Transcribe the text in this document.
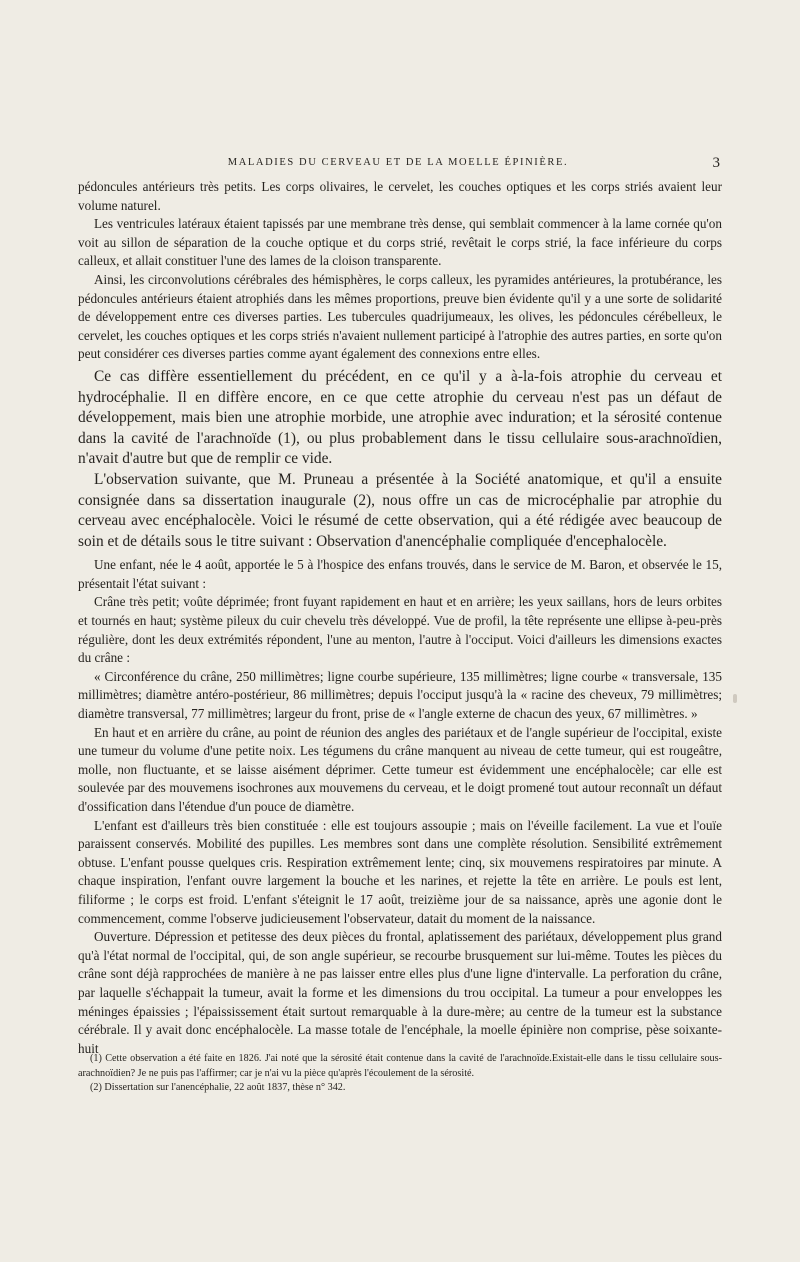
MALADIES DU CERVEAU ET DE LA MOELLE ÉPINIÈRE.	3

pédoncules antérieurs très petits. Les corps olivaires, le cervelet, les couches optiques et les corps striés avaient leur volume naturel.

Les ventricules latéraux étaient tapissés par une membrane très dense, qui semblait commencer à la lame cornée qu'on voit au sillon de séparation de la couche optique et du corps strié, revêtait le corps strié, la face inférieure du corps calleux, et allait constituer l'une des lames de la cloison transparente.

Ainsi, les circonvolutions cérébrales des hémisphères, le corps calleux, les pyramides antérieures, la protubérance, les pédoncules antérieurs étaient atrophiés dans les mêmes proportions, preuve bien évidente qu'il y a une sorte de solidarité de développement entre ces diverses parties. Les tubercules quadrijumeaux, les olives, les pédoncules cérébelleux, le cervelet, les couches optiques et les corps striés n'avaient nullement participé à l'atrophie des autres parties, en sorte qu'on peut considérer ces diverses parties comme ayant également des connexions entre elles.

Ce cas diffère essentiellement du précédent, en ce qu'il y a à-la-fois atrophie du cerveau et hydrocéphalie. Il en diffère encore, en ce que cette atrophie du cerveau n'est pas un défaut de développement, mais bien une atrophie morbide, une atrophie avec induration; et la sérosité contenue dans la cavité de l'arachnoïde (1), ou plus probablement dans le tissu cellulaire sous-arachnoïdien, n'avait d'autre but que de remplir ce vide.

L'observation suivante, que M. Pruneau a présentée à la Société anatomique, et qu'il a ensuite consignée dans sa dissertation inaugurale (2), nous offre un cas de microcéphalie par atrophie du cerveau avec encéphalocèle. Voici le résumé de cette observation, qui a été rédigée avec beaucoup de soin et de détails sous le titre suivant : Observation d'anencéphalie compliquée d'encephalocèle.

Une enfant, née le 4 août, apportée le 5 à l'hospice des enfans trouvés, dans le service de M. Baron, et observée le 15, présentait l'état suivant :

Crâne très petit; voûte déprimée; front fuyant rapidement en haut et en arrière; les yeux saillans, hors de leurs orbites et tournés en haut; système pileux du cuir chevelu très développé. Vue de profil, la tête représente une ellipse à-peu-près régulière, dont les deux extrémités répondent, l'une au menton, l'autre à l'occiput. Voici d'ailleurs les dimensions exactes du crâne :

« Circonférence du crâne, 250 millimètres; ligne courbe supérieure, 135 millimètres; ligne courbe « transversale, 135 millimètres; diamètre antéro-postérieur, 86 millimètres; depuis l'occiput jusqu'à la « racine des cheveux, 79 millimètres; diamètre transversal, 77 millimètres; largeur du front, prise de « l'angle externe de chacun des yeux, 67 millimètres. »

En haut et en arrière du crâne, au point de réunion des angles des pariétaux et de l'angle supérieur de l'occipital, existe une tumeur du volume d'une petite noix. Les tégumens du crâne manquent au niveau de cette tumeur, qui est rougeâtre, molle, non fluctuante, et se laisse aisément déprimer. Cette tumeur est évidemment une encéphalocèle; car elle est soulevée par des mouvemens isochrones aux mouvemens du cerveau, et le doigt promené tout autour reconnaît un défaut d'ossification dans l'étendue d'un pouce de diamètre.

L'enfant est d'ailleurs très bien constituée : elle est toujours assoupie ; mais on l'éveille facilement. La vue et l'ouïe paraissent conservés. Mobilité des pupilles. Les membres sont dans une complète résolution. Sensibilité extrêmement obtuse. L'enfant pousse quelques cris. Respiration extrêmement lente; cinq, six mouvemens respiratoires par minute. A chaque inspiration, l'enfant ouvre largement la bouche et les narines, et rejette la tête en arrière. Le pouls est lent, filiforme ; le corps est froid. L'enfant s'éteignit le 17 août, treizième jour de sa naissance, après une agonie dont le commencement, comme l'observe judicieusement l'observateur, datait du moment de la naissance.

Ouverture. Dépression et petitesse des deux pièces du frontal, aplatissement des pariétaux, développement plus grand qu'à l'état normal de l'occipital, qui, de son angle supérieur, se recourbe brusquement sur lui-même. Toutes les pièces du crâne sont déjà rapprochées de manière à ne pas laisser entre elles plus d'une ligne d'intervalle. La perforation du crâne, par laquelle s'échappait la tumeur, avait la forme et les dimensions du trou occipital. La tumeur a pour enveloppes les méninges épaissies ; l'épaississement était surtout remarquable à la dure-mère; au centre de la tumeur est la substance cérébrale. Il y avait donc encéphalocèle. La masse totale de l'encéphale, la moelle épinière non comprise, pèse soixante-huit

(1) Cette observation a été faite en 1826. J'ai noté que la sérosité était contenue dans la cavité de l'arachnoïde.Existait-elle dans le tissu cellulaire sous-arachnoïdien? Je ne puis pas l'affirmer; car je n'ai vu la pièce qu'après l'écoulement de la sérosité.

(2) Dissertation sur l'anencéphalie, 22 août 1837, thèse n° 342.
